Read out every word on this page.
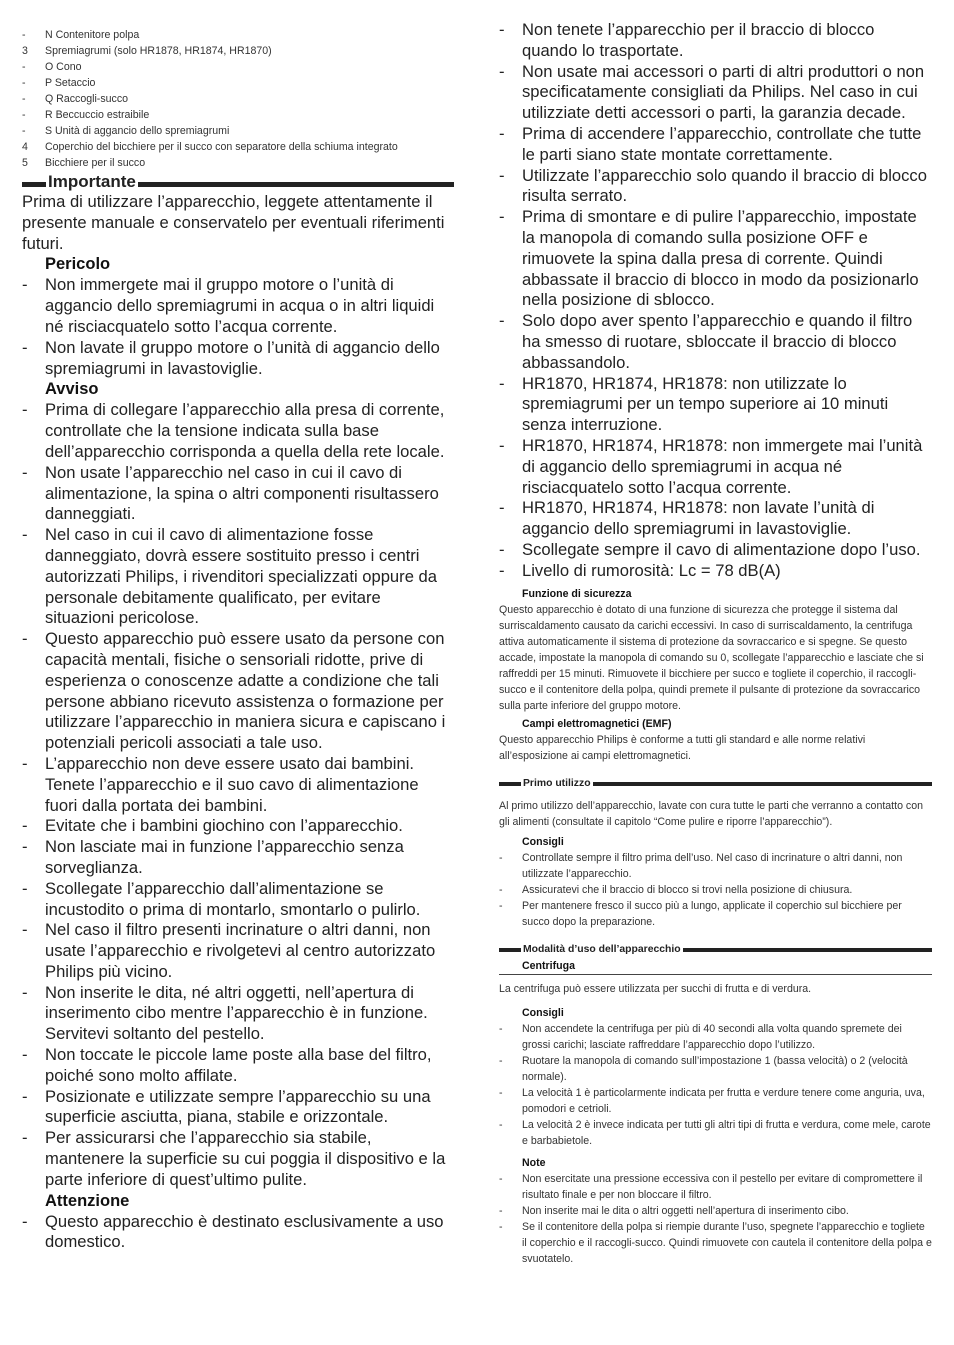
- N Contenitore polpa
3 Spremiagrumi (solo HR1878, HR1874, HR1870)
- O Cono
- P Setaccio
- Q Raccogli-succo
- R Beccuccio estraibile
- S Unità di aggancio dello spremiagrumi
4 Coperchio del bicchiere per il succo con separatore della schiuma integrato
5 Bicchiere per il succo
Importante

Prima di utilizzare l’apparecchio, leggete attentamente il presente manuale e conservatelo per eventuali riferimenti futuri.

Pericolo
- Non immergete mai il gruppo motore o l’unità di aggancio dello spremiagrumi in acqua o in altri liquidi né risciacquatelo sotto l’acqua corrente.
- Non lavate il gruppo motore o l’unità di aggancio dello spremiagrumi in lavastoviglie.
Avviso
- Prima di collegare l’apparecchio alla presa di corrente, controllate che la tensione indicata sulla base dell’apparecchio corrisponda a quella della rete locale.
- Non usate l’apparecchio nel caso in cui il cavo di alimentazione, la spina o altri componenti risultassero danneggiati.
- Nel caso in cui il cavo di alimentazione fosse danneggiato, dovrà essere sostituito presso i centri autorizzati Philips, i rivenditori specializzati oppure da personale debitamente qualificato, per evitare situazioni pericolose.
- Questo apparecchio può essere usato da persone con capacità mentali, fisiche o sensoriali ridotte, prive di esperienza o conoscenze adatte a condizione che tali persone abbiano ricevuto assistenza o formazione per utilizzare l’apparecchio in maniera sicura e capiscano i potenziali pericoli associati a tale uso.
- L’apparecchio non deve essere usato dai bambini. Tenete l’apparecchio e il suo cavo di alimentazione fuori dalla portata dei bambini.
- Evitate che i bambini giochino con l’apparecchio.
- Non lasciate mai in funzione l’apparecchio senza sorveglianza.
- Scollegate l’apparecchio dall’alimentazione se incustodito o prima di montarlo, smontarlo o pulirlo.
- Nel caso il filtro presenti incrinature o altri danni, non usate l’apparecchio e rivolgetevi al centro autorizzato Philips più vicino.
- Non inserite le dita, né altri oggetti, nell’apertura di inserimento cibo mentre l’apparecchio è in funzione. Servitevi soltanto del pestello.
- Non toccate le piccole lame poste alla base del filtro, poiché sono molto affilate.
- Posizionate e utilizzate sempre l’apparecchio su una superficie asciutta, piana, stabile e orizzontale.
- Per assicurarsi che l’apparecchio sia stabile, mantenere la superficie su cui poggia il dispositivo e la parte inferiore di quest’ultimo pulite.
Attenzione
- Questo apparecchio è destinato esclusivamente a uso domestico.
- Non tenete l’apparecchio per il braccio di blocco quando lo trasportate.
- Non usate mai accessori o parti di altri produttori o non specificatamente consigliati da Philips. Nel caso in cui utilizziate detti accessori o parti, la garanzia decade.
- Prima di accendere l’apparecchio, controllate che tutte le parti siano state montate correttamente.
- Utilizzate l’apparecchio solo quando il braccio di blocco risulta serrato.
- Prima di smontare e di pulire l’apparecchio, impostate la manopola di comando sulla posizione OFF e rimuovete la spina dalla presa di corrente. Quindi abbassate il braccio di blocco in modo da posizionarlo nella posizione di sblocco.
- Solo dopo aver spento l’apparecchio e quando il filtro ha smesso di ruotare, sbloccate il braccio di blocco abbassandolo.
- HR1870, HR1874, HR1878: non utilizzate lo spremiagrumi per un tempo superiore ai 10 minuti senza interruzione.
- HR1870, HR1874, HR1878: non immergete mai l’unità di aggancio dello spremiagrumi in acqua né risciacquatelo sotto l’acqua corrente.
- HR1870, HR1874, HR1878: non lavate l’unità di aggancio dello spremiagrumi in lavastoviglie.
- Scollegate sempre il cavo di alimentazione dopo l’uso.
- Livello di rumorosità: Lc = 78 dB(A)
Funzione di sicurezza

Questo apparecchio è dotato di una funzione di sicurezza che protegge il sistema dal surriscaldamento causato da carichi eccessivi. In caso di surriscaldamento, la centrifuga attiva automaticamente il sistema di protezione da sovraccarico e si spegne. Se questo accade, impostate la manopola di comando su 0, scollegate l’apparecchio e lasciate che si raffreddi per 15 minuti. Rimuovete il bicchiere per succo e togliete il coperchio, il raccogli-succo e il contenitore della polpa, quindi premete il pulsante di protezione da sovraccarico sulla parte inferiore del gruppo motore.

Campi elettromagnetici (EMF)

Questo apparecchio Philips è conforme a tutti gli standard e alle norme relativi all’esposizione ai campi elettromagnetici.

Primo utilizzo

Al primo utilizzo dell’apparecchio, lavate con cura tutte le parti che verranno a contatto con gli alimenti (consultate il capitolo “Come pulire e riporre l’apparecchio”).

Consigli
- Controllate sempre il filtro prima dell’uso. Nel caso di incrinature o altri danni, non utilizzate l’apparecchio.
- Assicuratevi che il braccio di blocco si trovi nella posizione di chiusura.
- Per mantenere fresco il succo più a lungo, applicate il coperchio sul bicchiere per succo dopo la preparazione.
Modalità d’uso dell’apparecchio
Centrifuga

La centrifuga può essere utilizzata per succhi di frutta e di verdura.

Consigli
- Non accendete la centrifuga per più di 40 secondi alla volta quando spremete dei grossi carichi; lasciate raffreddare l’apparecchio dopo l’utilizzo.
- Ruotare la manopola di comando sull’impostazione 1 (bassa velocità) o 2 (velocità normale).
- La velocità 1 è particolarmente indicata per frutta e verdure tenere come anguria, uva, pomodori e cetrioli.
- La velocità 2 è invece indicata per tutti gli altri tipi di frutta e verdura, come mele, carote e barbabietole.
Note
- Non esercitate una pressione eccessiva con il pestello per evitare di compromettere il risultato finale e per non bloccare il filtro.
- Non inserite mai le dita o altri oggetti nell’apertura di inserimento cibo.
- Se il contenitore della polpa si riempie durante l’uso, spegnete l’apparecchio e togliete il coperchio e il raccogli-succo. Quindi rimuovete con cautela il contenitore della polpa e svuotatelo.
